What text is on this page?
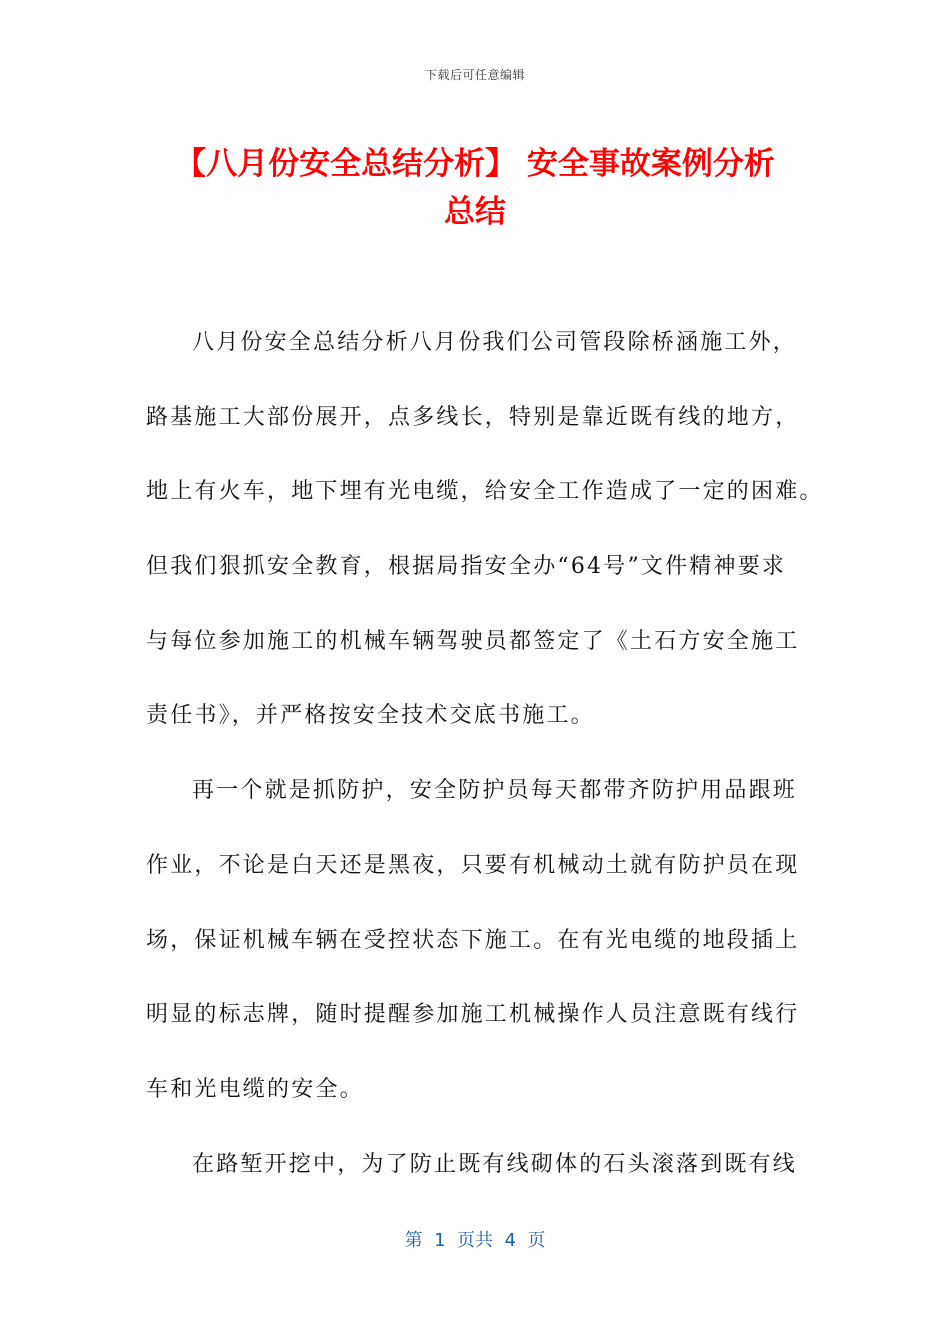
下载后可任意编辑
【八月份安全总结分析】 安全事故案例分析
总结
八月份安全总结分析八月份我们公司管段除桥涵施工外，
路基施工大部份展开，点多线长，特别是靠近既有线的地方，
地上有火车，地下埋有光电缆，给安全工作造成了一定的困难。
但我们狠抓安全教育，根据局指安全办“64号”文件精神要求
与每位参加施工的机械车辆驾驶员都签定了《土石方安全施工
责任书》，并严格按安全技术交底书施工。
再一个就是抓防护，安全防护员每天都带齐防护用品跟班
作业，不论是白天还是黑夜，只要有机械动土就有防护员在现
场，保证机械车辆在受控状态下施工。在有光电缆的地段插上
明显的标志牌，随时提醒参加施工机械操作人员注意既有线行
车和光电缆的安全。
在路堑开挖中，为了防止既有线砌体的石头滚落到既有线
第  1  页共  4  页
